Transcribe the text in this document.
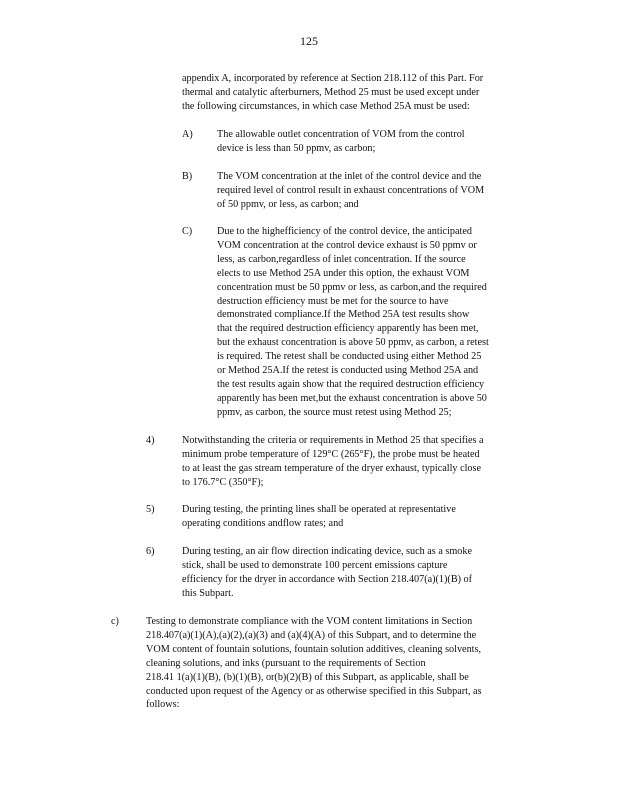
125
appendix A, incorporated by reference at Section 218.112 of this Part. For
thermal and catalytic afterburners, Method 25 must be used except under
the following circumstances, in which case Method 25A must be used:
A) The allowable outlet concentration of VOM from the control
device is less than 50 ppmv, as carbon;
B) The VOM concentration at the inlet of the control device and the
required level of control result in exhaust concentrations of VOM
of 50 ppmv, or less, as carbon; and
C) Due to the highefficiency of the control device, the anticipated
VOM concentration at the control device exhaust is 50 ppmv or
less, as carbon,regardless of inlet concentration. If the source
elects to use Method 25A under this option, the exhaust VOM
concentration must be 50 ppmv or less, as carbon,and the required
destruction efficiency must be met for the source to have
demonstrated compliance.If the Method 25A test results show
that the required destruction efficiency apparently has been met,
but the exhaust concentration is above 50 ppmv, as carbon, a retest
is required. The retest shall be conducted using either Method 25
or Method 25A.If the retest is conducted using Method 25A and
the test results again show that the required destruction efficiency
apparently has been met,but the exhaust concentration is above 50
ppmv, as carbon, the source must retest using Method 25;
4)	Notwithstanding the criteria or requirements in Method 25 that specifies a
minimum probe temperature of 129°C (265°F), the probe must be heated
to at least the gas stream temperature of the dryer exhaust, typically close
to 176.7°C (350°F);
5)	During testing, the printing lines shall be operated at representative
operating conditions andflow rates; and
6)	During testing, an air flow direction indicating device, such as a smoke
stick, shall be used to demonstrate 100 percent emissions capture
efficiency for the dryer in accordance with Section 218.407(a)(1)(B) of
this Subpart.
c)	Testing to demonstrate compliance with the VOM content limitations in Section
218.407(a)(1)(A),(a)(2),(a)(3) and (a)(4)(A) of this Subpart, and to determine the
VOM content of fountain solutions, fountain solution additives, cleaning solvents,
cleaning solutions, and inks (pursuant to the requirements of Section
218.41 1(a)(1)(B), (b)(1)(B), or(b)(2)(B) of this Subpart, as applicable, shall be
conducted upon request of the Agency or as otherwise specified in this Subpart, as
follows:
